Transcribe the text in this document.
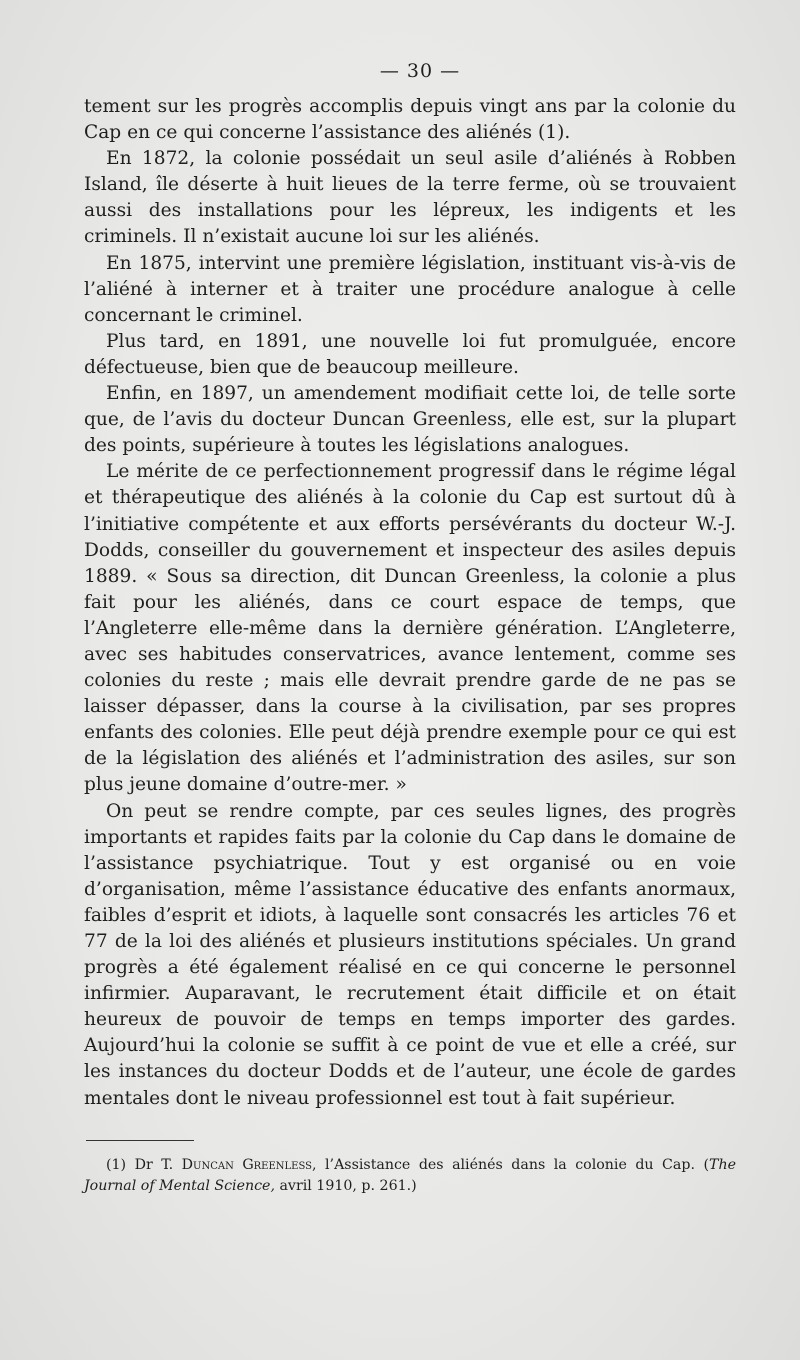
— 30 —

tement sur les progrès accomplis depuis vingt ans par la colonie du Cap en ce qui concerne l’assistance des aliénés (1).

En 1872, la colonie possédait un seul asile d’aliénés à Robben Island, île déserte à huit lieues de la terre ferme, où se trouvaient aussi des installations pour les lépreux, les indigents et les criminels. Il n’existait aucune loi sur les aliénés.

En 1875, intervint une première législation, instituant vis-à-vis de l’aliéné à interner et à traiter une procédure analogue à celle concernant le criminel.

Plus tard, en 1891, une nouvelle loi fut promulguée, encore défectueuse, bien que de beaucoup meilleure.

Enfin, en 1897, un amendement modifiait cette loi, de telle sorte que, de l’avis du docteur Duncan Greenless, elle est, sur la plupart des points, supérieure à toutes les législations analogues.

Le mérite de ce perfectionnement progressif dans le régime légal et thérapeutique des aliénés à la colonie du Cap est surtout dû à l’initiative compétente et aux efforts persévérants du docteur W.-J. Dodds, conseiller du gouvernement et inspecteur des asiles depuis 1889. « Sous sa direction, dit Duncan Greenless, la colonie a plus fait pour les aliénés, dans ce court espace de temps, que l’Angleterre elle-même dans la dernière génération. L’Angleterre, avec ses habitudes conservatrices, avance lentement, comme ses colonies du reste ; mais elle devrait prendre garde de ne pas se laisser dépasser, dans la course à la civilisation, par ses propres enfants des colonies. Elle peut déjà prendre exemple pour ce qui est de la législation des aliénés et l’administration des asiles, sur son plus jeune domaine d’outre-mer. »

On peut se rendre compte, par ces seules lignes, des progrès importants et rapides faits par la colonie du Cap dans le domaine de l’assistance psychiatrique. Tout y est organisé ou en voie d’organisation, même l’assistance éducative des enfants anormaux, faibles d’esprit et idiots, à laquelle sont consacrés les articles 76 et 77 de la loi des aliénés et plusieurs institutions spéciales. Un grand progrès a été également réalisé en ce qui concerne le personnel infirmier. Auparavant, le recrutement était difficile et on était heureux de pouvoir de temps en temps importer des gardes. Aujourd’hui la colonie se suffit à ce point de vue et elle a créé, sur les instances du docteur Dodds et de l’auteur, une école de gardes mentales dont le niveau professionnel est tout à fait supérieur.

(1) Dr T. Duncan Greenless, l’Assistance des aliénés dans la colonie du Cap. (The Journal of Mental Science, avril 1910, p. 261.)
